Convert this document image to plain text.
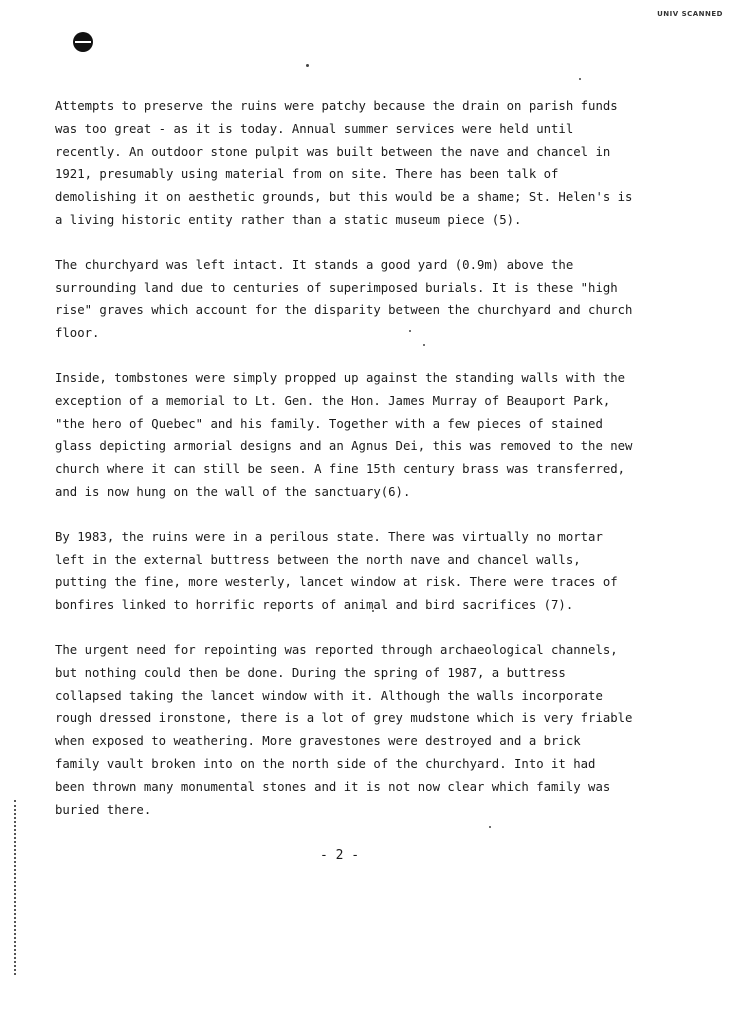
UNIV SCANNED

Attempts to preserve the ruins were patchy because the drain on parish funds
was too great - as it is today. Annual summer services were held until
recently. An outdoor stone pulpit was built between the nave and chancel in
1921, presumably using material from on site. There has been talk of
demolishing it on aesthetic grounds, but this would be a shame; St. Helen's is
a living historic entity rather than a static museum piece (5).

The churchyard was left intact. It stands a good yard (0.9m) above the
surrounding land due to centuries of superimposed burials. It is these "high
rise" graves which account for the disparity between the churchyard and church
floor.

Inside, tombstones were simply propped up against the standing walls with the
exception of a memorial to Lt. Gen. the Hon. James Murray of Beauport Park,
"the hero of Quebec" and his family. Together with a few pieces of stained
glass depicting armorial designs and an Agnus Dei, this was removed to the new
church where it can still be seen. A fine 15th century brass was transferred,
and is now hung on the wall of the sanctuary(6).

By 1983, the ruins were in a perilous state. There was virtually no mortar
left in the external buttress between the north nave and chancel walls,
putting the fine, more westerly, lancet window at risk. There were traces of
bonfires linked to horrific reports of animal and bird sacrifices (7).

The urgent need for repointing was reported through archaeological channels,
but nothing could then be done. During the spring of 1987, a buttress
collapsed taking the lancet window with it. Although the walls incorporate
rough dressed ironstone, there is a lot of grey mudstone which is very friable
when exposed to weathering. More gravestones were destroyed and a brick
family vault broken into on the north side of the churchyard. Into it had
been thrown many monumental stones and it is not now clear which family was
buried there.

- 2 -
